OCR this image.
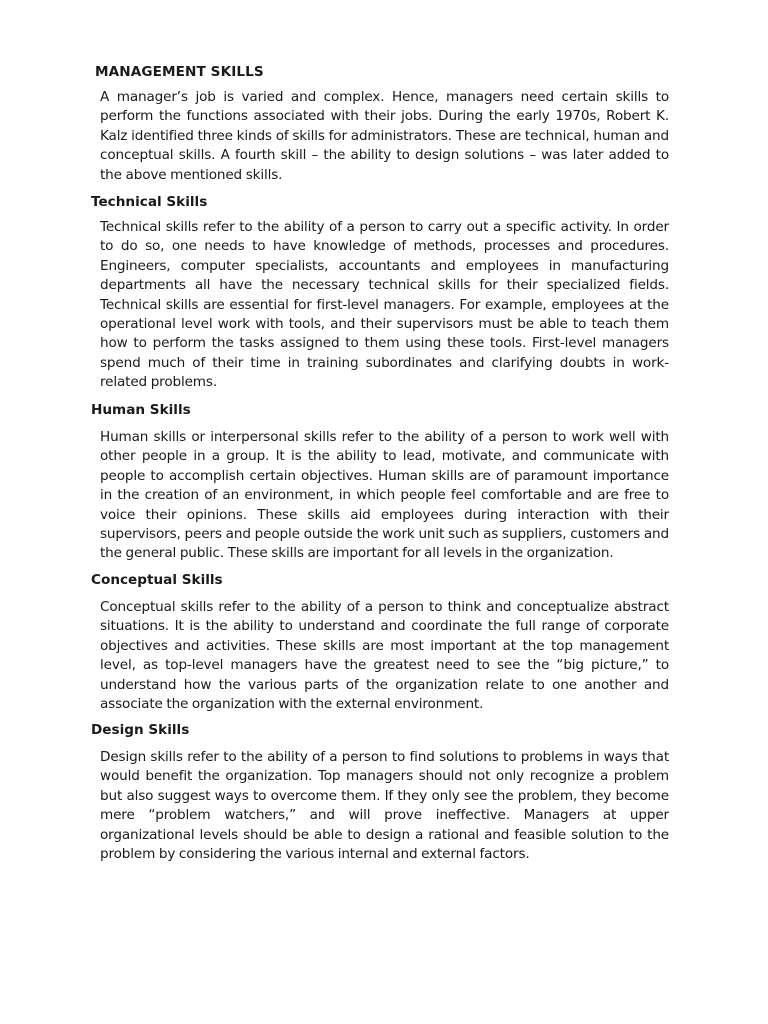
MANAGEMENT SKILLS

A manager’s job is varied and complex. Hence, managers need certain skills to perform the functions associated with their jobs. During the early 1970s, Robert K. Kalz identified three kinds of skills for administrators. These are technical, human and conceptual skills. A fourth skill – the ability to design solutions – was later added to the above mentioned skills.

Technical Skills

Technical skills refer to the ability of a person to carry out a specific activity. In order to do so, one needs to have knowledge of methods, processes and procedures. Engineers, computer specialists, accountants and employees in manufacturing departments all have the necessary technical skills for their specialized fields. Technical skills are essential for first-level managers. For example, employees at the operational level work with tools, and their supervisors must be able to teach them how to perform the tasks assigned to them using these tools. First-level managers spend much of their time in training subordinates and clarifying doubts in work-related problems.

Human Skills

Human skills or interpersonal skills refer to the ability of a person to work well with other people in a group. It is the ability to lead, motivate, and communicate with people to accomplish certain objectives. Human skills are of paramount importance in the creation of an environment, in which people feel comfortable and are free to voice their opinions. These skills aid employees during interaction with their supervisors, peers and people outside the work unit such as suppliers, customers and the general public. These skills are important for all levels in the organization.

Conceptual Skills

Conceptual skills refer to the ability of a person to think and conceptualize abstract situations. It is the ability to understand and coordinate the full range of corporate objectives and activities. These skills are most important at the top management level, as top-level managers have the greatest need to see the “big picture,” to understand how the various parts of the organization relate to one another and associate the organization with the external environment.

Design Skills

Design skills refer to the ability of a person to find solutions to problems in ways that would benefit the organization. Top managers should not only recognize a problem but also suggest ways to overcome them. If they only see the problem, they become mere “problem watchers,” and will prove ineffective. Managers at upper organizational levels should be able to design a rational and feasible solution to the problem by considering the various internal and external factors.
